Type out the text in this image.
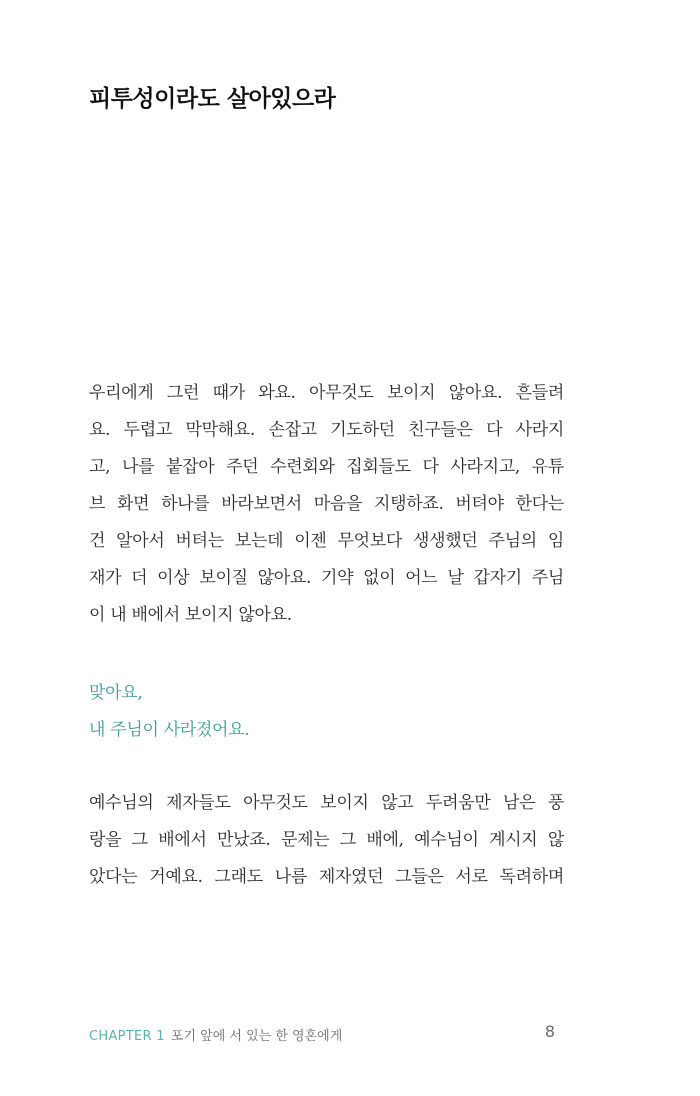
피투성이라도 살아있으라
우리에게 그런 때가 와요. 아무것도 보이지 않아요. 흔들려
요. 두렵고 막막해요. 손잡고 기도하던 친구들은 다 사라지
고, 나를 붙잡아 주던 수련회와 집회들도 다 사라지고, 유튜
브 화면 하나를 바라보면서 마음을 지탱하죠. 버텨야 한다는
건 알아서 버텨는 보는데 이젠 무엇보다 생생했던 주님의 임
재가 더 이상 보이질 않아요. 기약 없이 어느 날 갑자기 주님
이 내 배에서 보이지 않아요.
맞아요,
내 주님이 사라졌어요.
예수님의 제자들도 아무것도 보이지 않고 두려움만 남은 풍
랑을 그 배에서 만났죠. 문제는 그 배에, 예수님이 계시지 않
았다는 거예요. 그래도 나름 제자였던 그들은 서로 독려하며
CHAPTER 1 포기 앞에 서 있는 한 영혼에게	8
